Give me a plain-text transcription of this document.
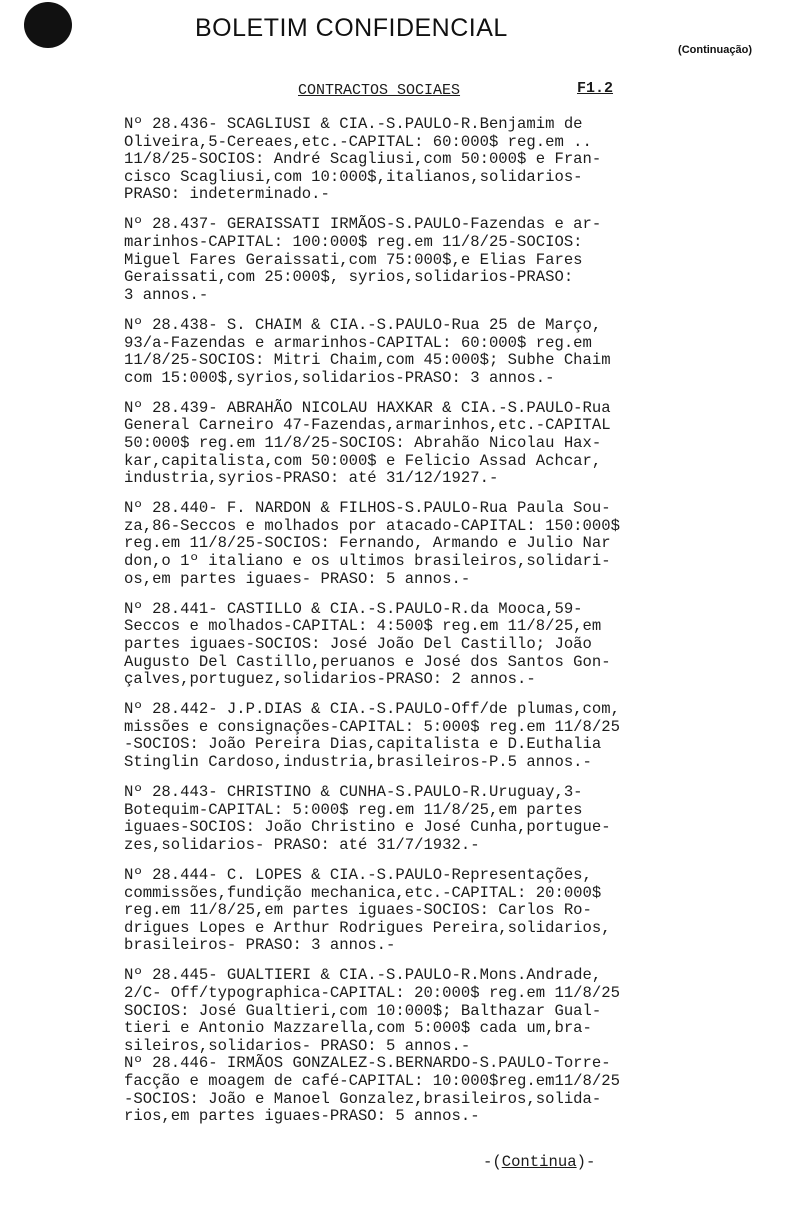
BOLETIM CONFIDENCIAL
(Continuação)
CONTRACTOS SOCIAES	F1.2
Nº 28.436- SCAGLIUSI & CIA.-S.PAULO-R.Benjamim de
Oliveira,5-Cereaes,etc.-CAPITAL: 60:000$ reg.em ..
11/8/25-SOCIOS: André Scagliusi,com 50:000$ e Fran-
cisco Scagliusi,com 10:000$,italianos,solidarios-
PRASO: indeterminado.-
Nº 28.437- GERAISSATI IRMÃOS-S.PAULO-Fazendas e ar-
marinhos-CAPITAL: 100:000$ reg.em 11/8/25-SOCIOS:
Miguel Fares Geraissati,com 75:000$,e Elias Fares
Geraissati,com 25:000$, syrios,solidarios-PRASO:
3 annos.-
Nº 28.438- S. CHAIM & CIA.-S.PAULO-Rua 25 de Março,
93/a-Fazendas e armarinhos-CAPITAL: 60:000$ reg.em
11/8/25-SOCIOS: Mitri Chaim,com 45:000$; Subhe Chaim
com 15:000$,syrios,solidarios-PRASO: 3 annos.-
Nº 28.439- ABRAHÃO NICOLAU HAXKAR & CIA.-S.PAULO-Rua
General Carneiro 47-Fazendas,armarinhos,etc.-CAPITAL
50:000$ reg.em 11/8/25-SOCIOS: Abrahão Nicolau Hax-
kar,capitalista,com 50:000$ e Felicio Assad Achcar,
industria,syrios-PRASO: até 31/12/1927.-
Nº 28.440- F. NARDON & FILHOS-S.PAULO-Rua Paula Sou-
za,86-Seccos e molhados por atacado-CAPITAL: 150:000$
reg.em 11/8/25-SOCIOS: Fernando, Armando e Julio Nar
don,o 1º italiano e os ultimos brasileiros,solidari-
os,em partes iguaes- PRASO: 5 annos.-
Nº 28.441- CASTILLO & CIA.-S.PAULO-R.da Mooca,59-
Seccos e molhados-CAPITAL: 4:500$ reg.em 11/8/25,em
partes iguaes-SOCIOS: José João Del Castillo; João
Augusto Del Castillo,peruanos e José dos Santos Gon-
çalves,portuguez,solidarios-PRASO: 2 annos.-
Nº 28.442- J.P.DIAS & CIA.-S.PAULO-Off/de plumas,com,
missões e consignações-CAPITAL: 5:000$ reg.em 11/8/25
-SOCIOS: João Pereira Dias,capitalista e D.Euthalia
Stinglin Cardoso,industria,brasileiros-P.5 annos.-
Nº 28.443- CHRISTINO & CUNHA-S.PAULO-R.Uruguay,3-
Botequim-CAPITAL: 5:000$ reg.em 11/8/25,em partes
iguaes-SOCIOS: João Christino e José Cunha,portugue-
zes,solidarios- PRASO: até 31/7/1932.-
Nº 28.444- C. LOPES & CIA.-S.PAULO-Representações,
commissões,fundição mechanica,etc.-CAPITAL: 20:000$
reg.em 11/8/25,em partes iguaes-SOCIOS: Carlos Ro-
drigues Lopes e Arthur Rodrigues Pereira,solidarios,
brasileiros- PRASO: 3 annos.-
Nº 28.445- GUALTIERI & CIA.-S.PAULO-R.Mons.Andrade,
2/C- Off/typographica-CAPITAL: 20:000$ reg.em 11/8/25
SOCIOS: José Gualtieri,com 10:000$; Balthazar Gual-
tieri e Antonio Mazzarella,com 5:000$ cada um,bra-
sileiros,solidarios- PRASO: 5 annos.-
Nº 28.446- IRMÃOS GONZALEZ-S.BERNARDO-S.PAULO-Torre-
facção e moagem de café-CAPITAL: 10:000$reg.em11/8/25
-SOCIOS: João e Manoel Gonzalez,brasileiros,solida-
rios,em partes iguaes-PRASO: 5 annos.-
-(Continua)-
